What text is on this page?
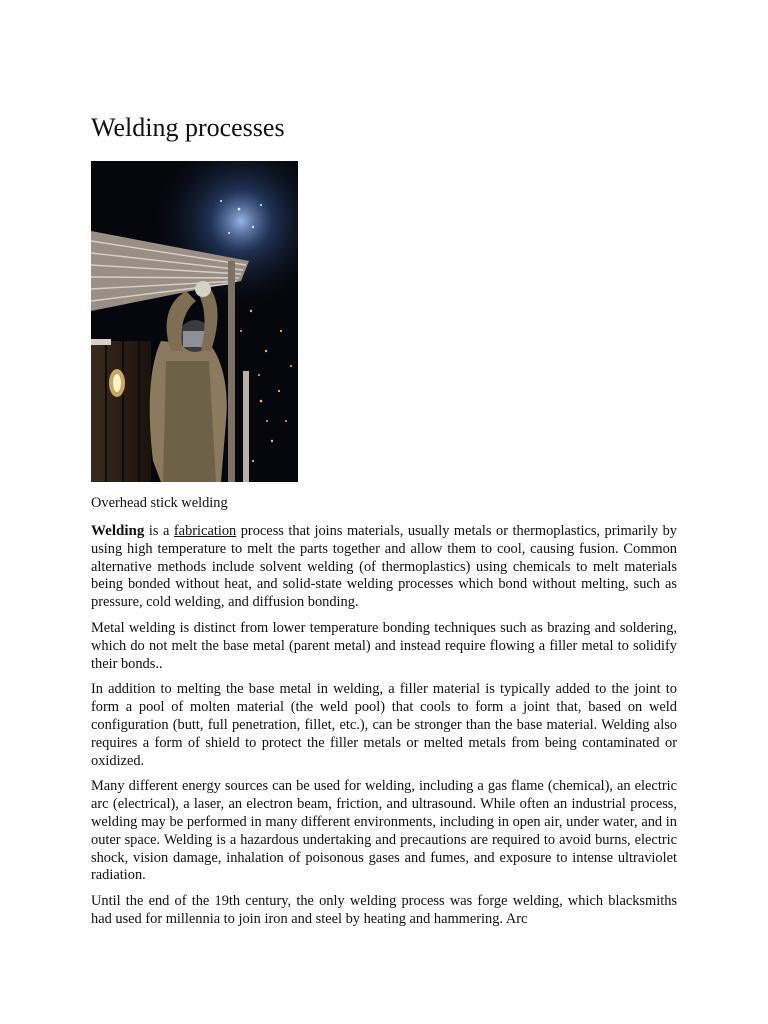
Welding processes

Overhead stick welding

Welding is a fabrication process that joins materials, usually metals or thermoplastics, primarily by using high temperature to melt the parts together and allow them to cool, causing fusion. Common alternative methods include solvent welding (of thermoplastics) using chemicals to melt materials being bonded without heat, and solid-state welding processes which bond without melting, such as pressure, cold welding, and diffusion bonding.

Metal welding is distinct from lower temperature bonding techniques such as brazing and soldering, which do not melt the base metal (parent metal) and instead require flowing a filler metal to solidify their bonds..

In addition to melting the base metal in welding, a filler material is typically added to the joint to form a pool of molten material (the weld pool) that cools to form a joint that, based on weld configuration (butt, full penetration, fillet, etc.), can be stronger than the base material. Welding also requires a form of shield to protect the filler metals or melted metals from being contaminated or oxidized.

Many different energy sources can be used for welding, including a gas flame (chemical), an electric arc (electrical), a laser, an electron beam, friction, and ultrasound. While often an industrial process, welding may be performed in many different environments, including in open air, under water, and in outer space. Welding is a hazardous undertaking and precautions are required to avoid burns, electric shock, vision damage, inhalation of poisonous gases and fumes, and exposure to intense ultraviolet radiation.

Until the end of the 19th century, the only welding process was forge welding, which blacksmiths had used for millennia to join iron and steel by heating and hammering. Arc
